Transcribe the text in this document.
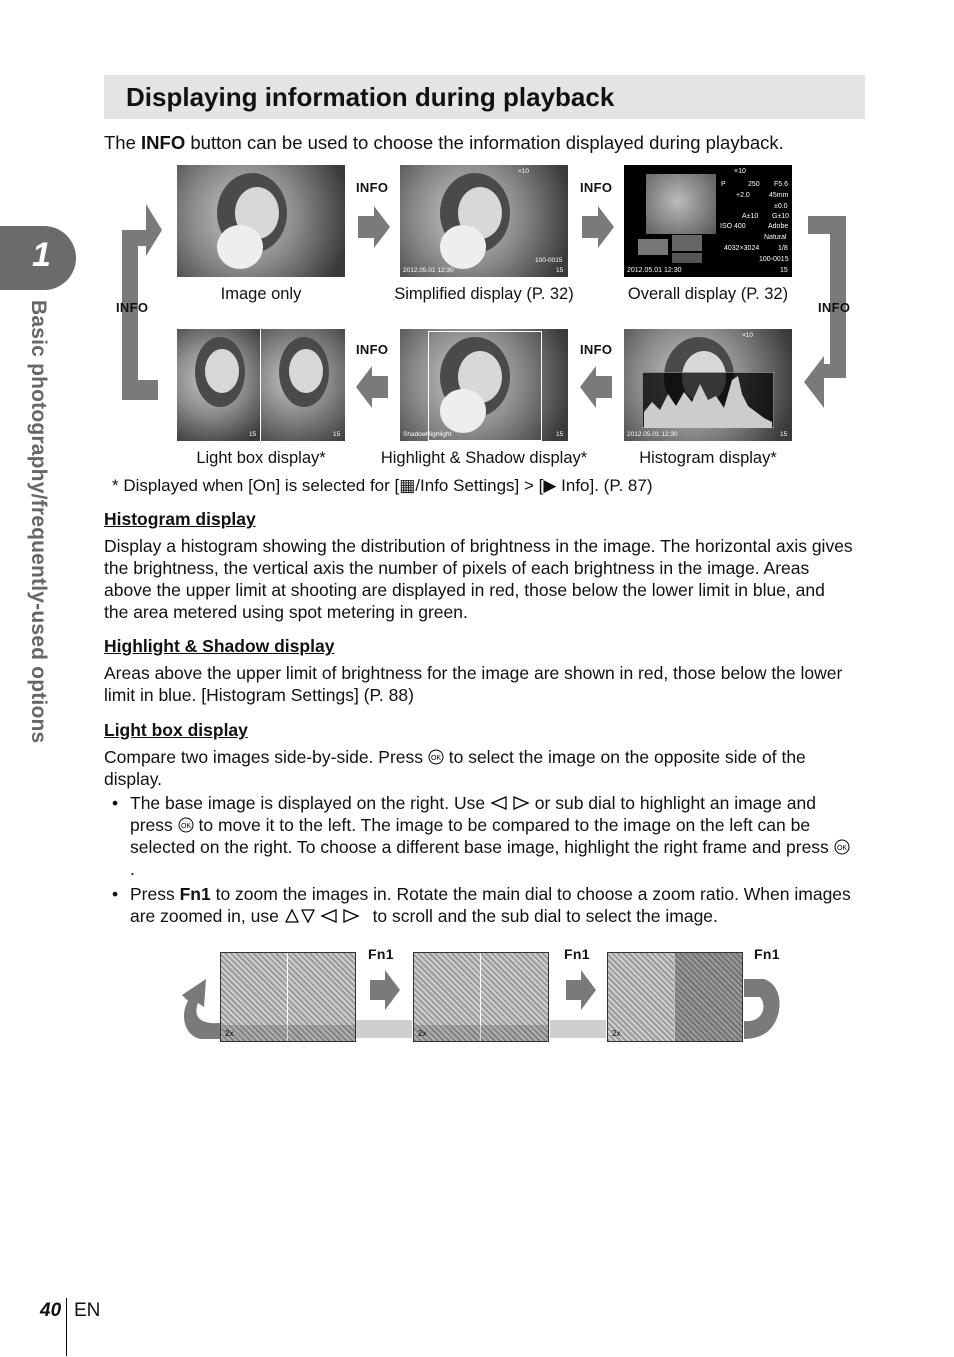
1
Basic photography/frequently-used options
Displaying information during playback
The INFO button can be used to choose the information displayed during playback.
INFO	INFO
×10
2012.05.01 12:30
100-0015
15
×10
P	250 F5.6
+2.0	45mm
±0.0
A±10 G±10
ISO 400	Adobe
Natural
4032×3024	1/8
100-0015
2012.05.01 12:30	15
INFO	INFO
Image only	Simplified display (P. 32)	Overall display (P. 32)
15	15	Shadow Highlight	15
×10
2012.05.01 12:30	15
INFO	INFO
Light box display*	Highlight & Shadow display*	Histogram display*
* Displayed when [On] is selected for [▦/Info Settings] > [▶ Info]. (P. 87)
Histogram display
Display a histogram showing the distribution of brightness in the image. The horizontal axis gives the brightness, the vertical axis the number of pixels of each brightness in the image. Areas above the upper limit at shooting are displayed in red, those below the lower limit in blue, and the area metered using spot metering in green.
Highlight & Shadow display
Areas above the upper limit of brightness for the image are shown in red, those below the lower limit in blue. [Histogram Settings] (P. 88)
Light box display
Compare two images side-by-side. Press OK to select the image on the opposite side of the display.
• The base image is displayed on the right. Use  or sub dial to highlight an image and press OK to move it to the left. The image to be compared to the image on the left can be selected on the right. To choose a different base image, highlight the right frame and press OK
.
• Press Fn1 to zoom the images in. Rotate the main dial to choose a zoom ratio. When images are zoomed in, use	to scroll and the sub dial to select the image.
2x
Fn1
2x
Fn1
2x
Fn1
40 EN
